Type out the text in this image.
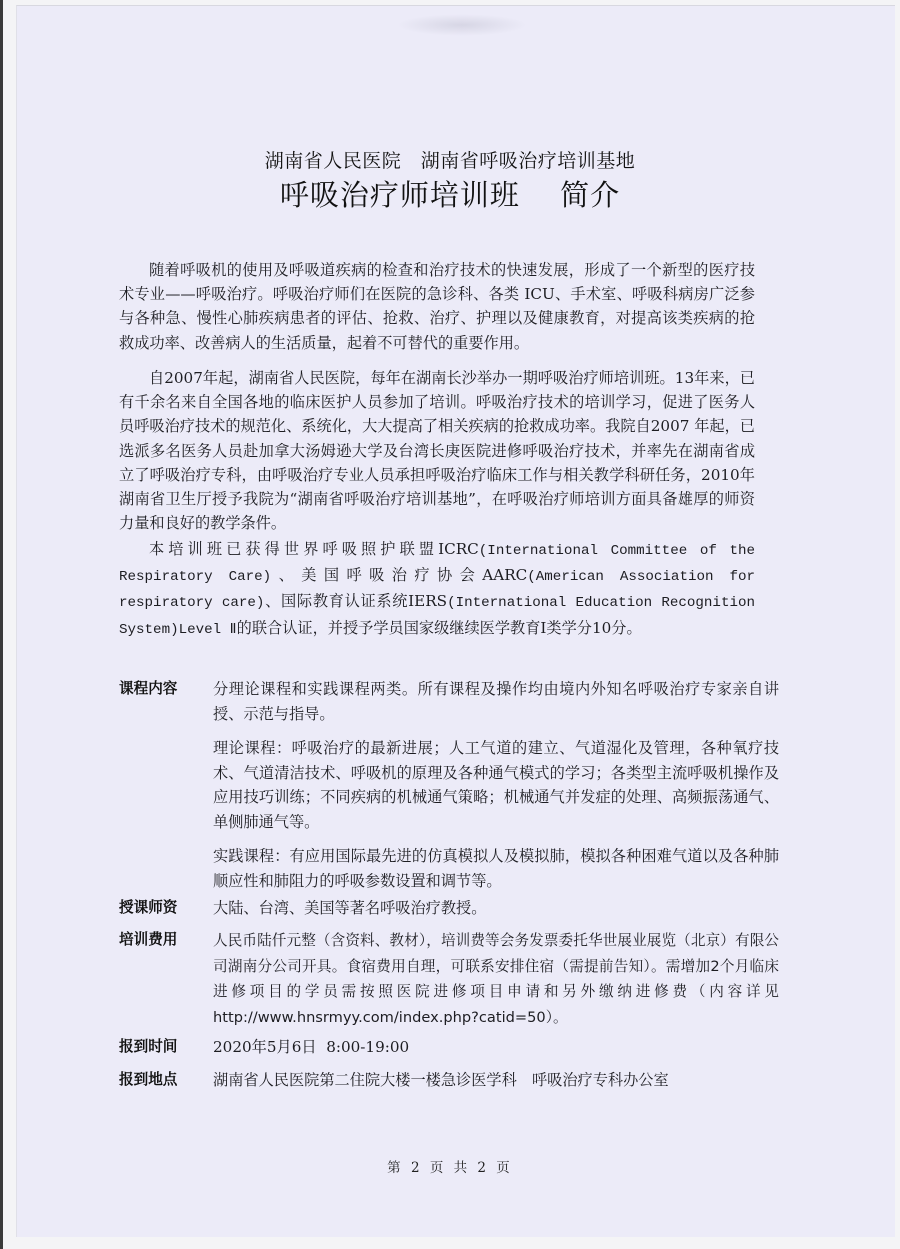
湖南省人民医院　湖南省呼吸治疗培训基地
呼吸治疗师培训班　 简介

随着呼吸机的使用及呼吸道疾病的检查和治疗技术的快速发展，形成了一个新型的医疗技术专业——呼吸治疗。呼吸治疗师们在医院的急诊科、各类 ICU、手术室、呼吸科病房广泛参与各种急、慢性心肺疾病患者的评估、抢救、治疗、护理以及健康教育，对提高该类疾病的抢救成功率、改善病人的生活质量，起着不可替代的重要作用。

自2007年起，湖南省人民医院，每年在湖南长沙举办一期呼吸治疗师培训班。13年来，已有千余名来自全国各地的临床医护人员参加了培训。呼吸治疗技术的培训学习，促进了医务人员呼吸治疗技术的规范化、系统化，大大提高了相关疾病的抢救成功率。我院自2007 年起，已选派多名医务人员赴加拿大汤姆逊大学及台湾长庚医院进修呼吸治疗技术，并率先在湖南省成立了呼吸治疗专科，由呼吸治疗专业人员承担呼吸治疗临床工作与相关教学科研任务，2010年湖南省卫生厅授予我院为“湖南省呼吸治疗培训基地”，在呼吸治疗师培训方面具备雄厚的师资力量和良好的教学条件。

本培训班已获得世界呼吸照护联盟ICRC(International Committee of the Respiratory Care)、美国呼吸治疗协会AARC(American Association for respiratory care)、国际教育认证系统IERS(International Education Recognition System)Level Ⅱ的联合认证，并授予学员国家级继续医学教育Ⅰ类学分10分。

课程内容	分理论课程和实践课程两类。所有课程及操作均由境内外知名呼吸治疗专家亲自讲授、示范与指导。

理论课程：呼吸治疗的最新进展；人工气道的建立、气道湿化及管理，各种氧疗技术、气道清洁技术、呼吸机的原理及各种通气模式的学习；各类型主流呼吸机操作及应用技巧训练；不同疾病的机械通气策略；机械通气并发症的处理、高频振荡通气、单侧肺通气等。

实践课程：有应用国际最先进的仿真模拟人及模拟肺，模拟各种困难气道以及各种肺顺应性和肺阻力的呼吸参数设置和调节等。

授课师资	大陆、台湾、美国等著名呼吸治疗教授。
培训费用	人民币陆仟元整（含资料、教材），培训费等会务发票委托华世展业展览（北京）有限公司湖南分公司开具。食宿费用自理，可联系安排住宿（需提前告知）。需增加2个月临床进修项目的学员需按照医院进修项目申请和另外缴纳进修费（内容详见 http://www.hnsrmyy.com/index.php?catid=50）。
报到时间	2020年5月6日  8:00-19:00
报到地点	湖南省人民医院第二住院大楼一楼急诊医学科　呼吸治疗专科办公室
第 2 页 共 2 页
